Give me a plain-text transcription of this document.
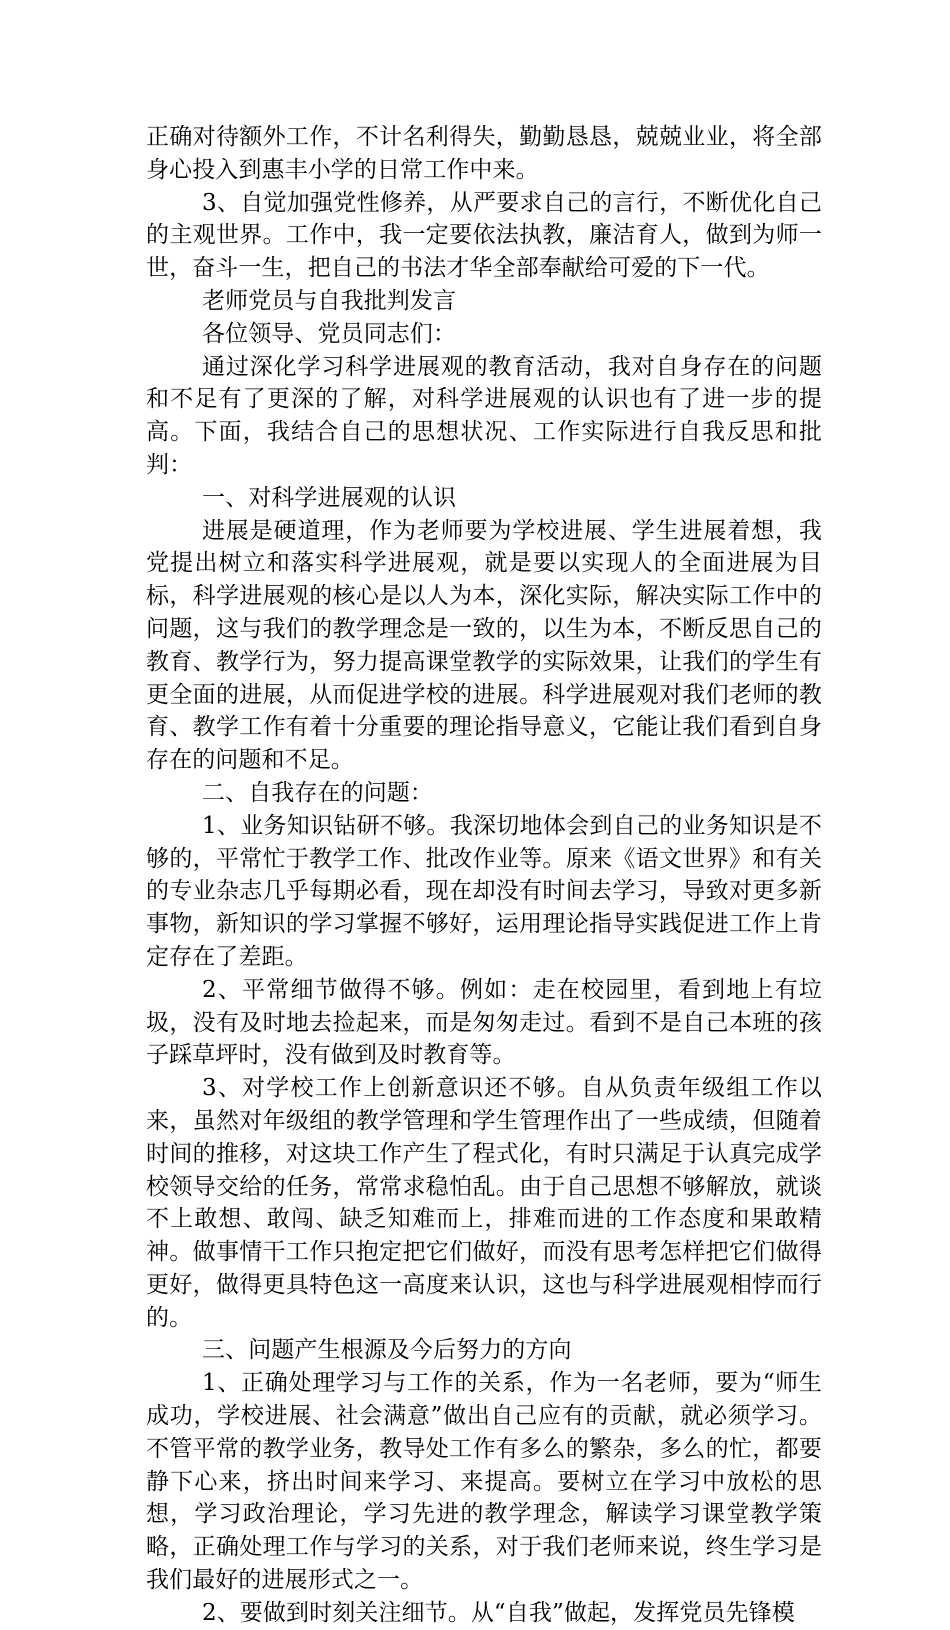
正确对待额外工作，不计名利得失，勤勤恳恳，兢兢业业，将全部身心投入到惠丰小学的日常工作中来。

3、自觉加强党性修养，从严要求自己的言行，不断优化自己的主观世界。工作中，我一定要依法执教，廉洁育人，做到为师一世，奋斗一生，把自己的书法才华全部奉献给可爱的下一代。

老师党员与自我批判发言

各位领导、党员同志们：

通过深化学习科学进展观的教育活动，我对自身存在的问题和不足有了更深的了解，对科学进展观的认识也有了进一步的提高。下面，我结合自己的思想状况、工作实际进行自我反思和批判：

一、对科学进展观的认识

进展是硬道理，作为老师要为学校进展、学生进展着想，我党提出树立和落实科学进展观，就是要以实现人的全面进展为目标，科学进展观的核心是以人为本，深化实际，解决实际工作中的问题，这与我们的教学理念是一致的，以生为本，不断反思自己的教育、教学行为，努力提高课堂教学的实际效果，让我们的学生有更全面的进展，从而促进学校的进展。科学进展观对我们老师的教育、教学工作有着十分重要的理论指导意义，它能让我们看到自身存在的问题和不足。

二、自我存在的问题：

1、业务知识钻研不够。我深切地体会到自己的业务知识是不够的，平常忙于教学工作、批改作业等。原来《语文世界》和有关的专业杂志几乎每期必看，现在却没有时间去学习，导致对更多新事物，新知识的学习掌握不够好，运用理论指导实践促进工作上肯定存在了差距。

2、平常细节做得不够。例如：走在校园里，看到地上有垃圾，没有及时地去捡起来，而是匆匆走过。看到不是自己本班的孩子踩草坪时，没有做到及时教育等。

3、对学校工作上创新意识还不够。自从负责年级组工作以来，虽然对年级组的教学管理和学生管理作出了一些成绩，但随着时间的推移，对这块工作产生了程式化，有时只满足于认真完成学校领导交给的任务，常常求稳怕乱。由于自己思想不够解放，就谈不上敢想、敢闯、缺乏知难而上，排难而进的工作态度和果敢精神。做事情干工作只抱定把它们做好，而没有思考怎样把它们做得更好，做得更具特色这一高度来认识，这也与科学进展观相悖而行的。

三、问题产生根源及今后努力的方向

1、正确处理学习与工作的关系，作为一名老师，要为“师生成功，学校进展、社会满意”做出自己应有的贡献，就必须学习。不管平常的教学业务，教导处工作有多么的繁杂，多么的忙，都要静下心来，挤出时间来学习、来提高。要树立在学习中放松的思想，学习政治理论，学习先进的教学理念，解读学习课堂教学策略，正确处理工作与学习的关系，对于我们老师来说，终生学习是我们最好的进展形式之一。

2、要做到时刻关注细节。从“自我”做起，发挥党员先锋模
